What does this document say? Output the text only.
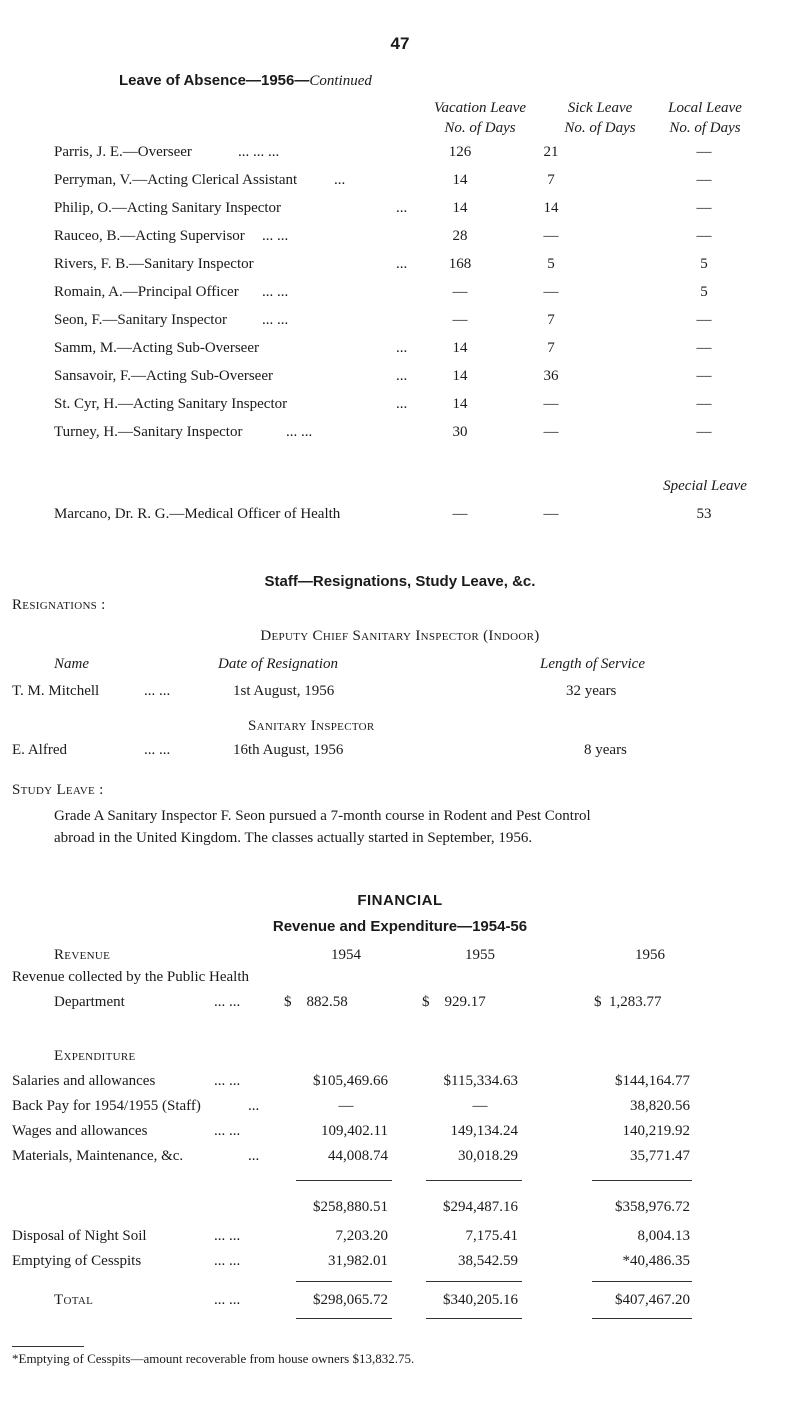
47
Leave of Absence—1956—Continued
Vacation Leave
No. of Days
Sick Leave
No. of Days
Local Leave
No. of Days
Parris, J. E.—Overseer	... ... ...	126	21	—
Perryman, V.—Acting Clerical Assistant ...	14	7	—
Philip, O.—Acting Sanitary Inspector	...	14	14	—
Rauceo, B.—Acting Supervisor ... ...	28	—	—
Rivers, F. B.—Sanitary Inspector	...	168	5	5
Romain, A.—Principal Officer ... ...	—	—	5
Seon, F.—Sanitary Inspector ... ...	—	7	—
Samm, M.—Acting Sub-Overseer	...	14	7	—
Sansavoir, F.—Acting Sub-Overseer	...	14	36	—
St. Cyr, H.—Acting Sanitary Inspector	...	14	—	—
Turney, H.—Sanitary Inspector	... ...	30	—	—
Special Leave
Marcano, Dr. R. G.—Medical Officer of Health	—	—	53
Staff—Resignations, Study Leave, &c.
Resignations :
Deputy Chief Sanitary Inspector (Indoor)
Name	Date of Resignation	Length of Service
T. M. Mitchell	... ...	1st August, 1956	32 years
Sanitary Inspector
E. Alfred	... ...	16th August, 1956	8 years
Study Leave :
Grade A Sanitary Inspector F. Seon pursued a 7-month course in Rodent and Pest Control
abroad in the United Kingdom. The classes actually started in September, 1956.
FINANCIAL
Revenue and Expenditure—1954-56
Revenue	1954	1955	1956
Revenue collected by the Public Health
Department	... ...	$    882.58	$    929.17	$  1,283.77
Expenditure
Salaries and allowances	... ...	$105,469.66	$115,334.63	$144,164.77
Back Pay for 1954/1955 (Staff)	...	—	—	38,820.56
Wages and allowances	... ...	109,402.11	149,134.24	140,219.92
Materials, Maintenance, &c.	...	44,008.74	30,018.29	35,771.47
$258,880.51	$294,487.16	$358,976.72
Disposal of Night Soil	... ...	7,203.20	7,175.41	8,004.13
Emptying of Cesspits	... ...	31,982.01	38,542.59	*40,486.35
Total	... ...	$298,065.72	$340,205.16	$407,467.20
*Emptying of Cesspits—amount recoverable from house owners $13,832.75.
